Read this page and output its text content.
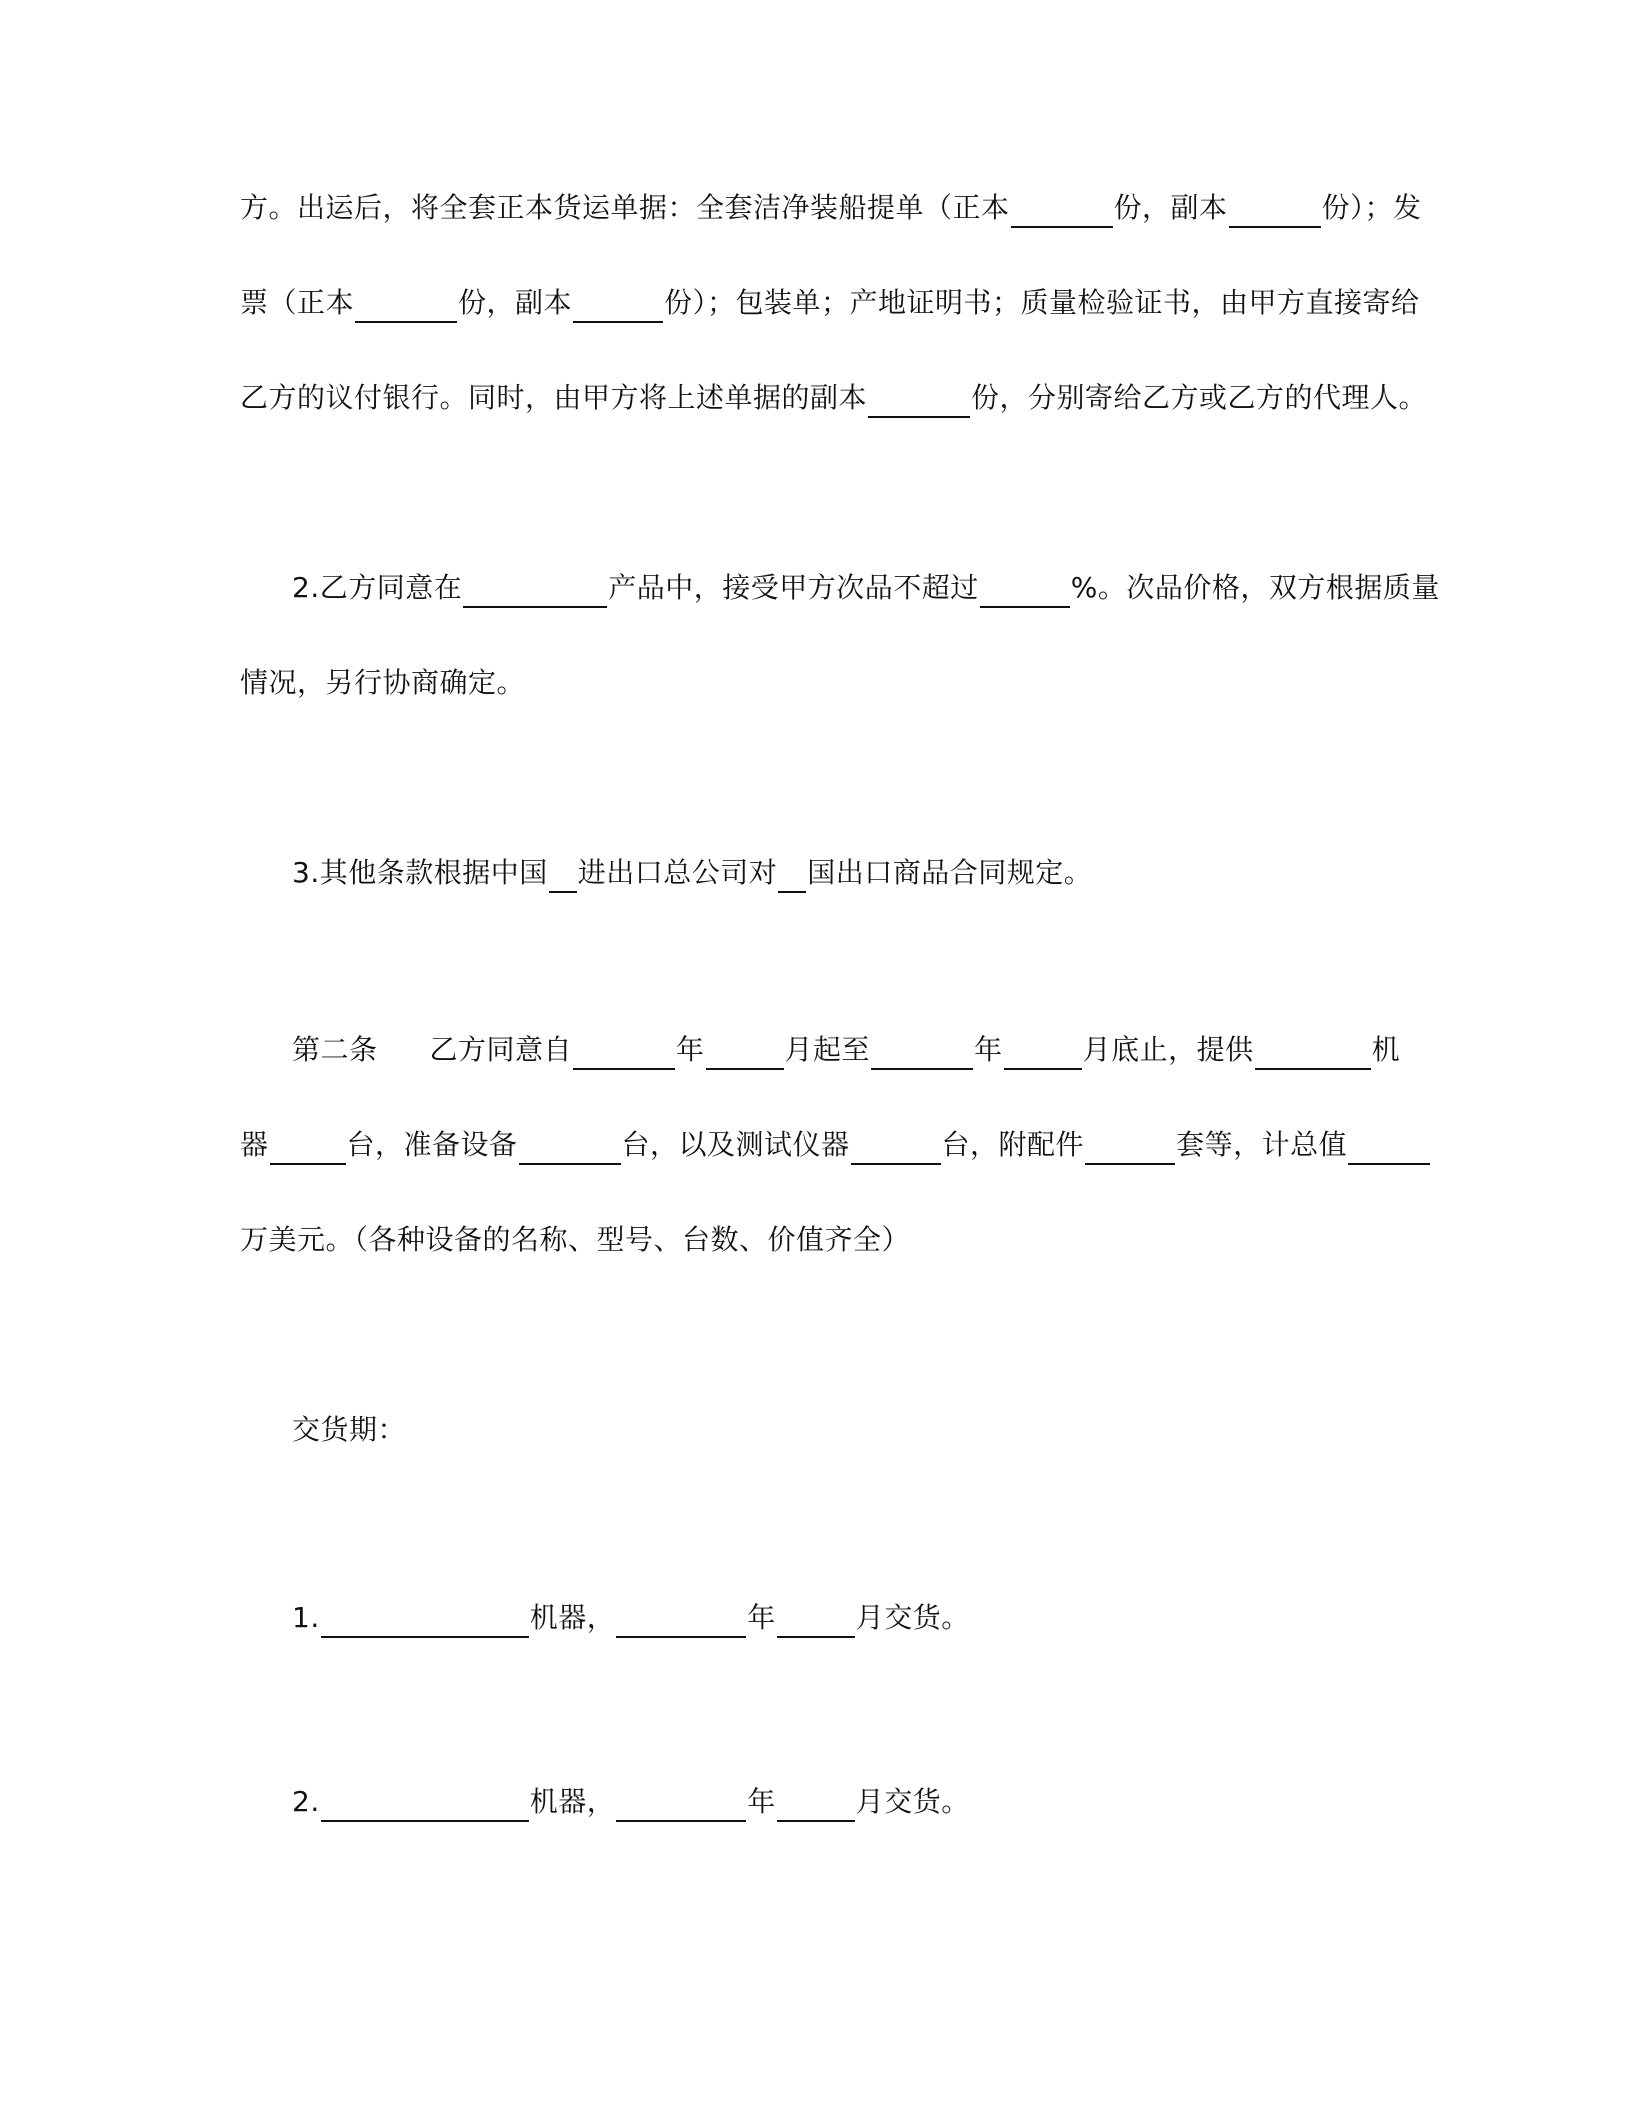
方。出运后，将全套正本货运单据：全套洁净装船提单（正本	份，副本	份）；发
票（正本	份，副本	份）；包装单；产地证明书；质量检验证书，由甲方直接寄给
乙方的议付银行。同时，由甲方将上述单据的副本	份，分别寄给乙方或乙方的代理人。
2.乙方同意在	产品中，接受甲方次品不超过	%。次品价格，双方根据质量
情况，另行协商确定。
3.其他条款根据中国 进出口总公司对 国出口商品合同规定。
第二条 乙方同意自	年	月起至	年	月底止，提供	机
器	台，准备设备	台，以及测试仪器	台，附配件	套等，计总值
万美元。（各种设备的名称、型号、台数、价值齐全）
交货期：
1.	机器，	年	月交货。
2.	机器，	年	月交货。
